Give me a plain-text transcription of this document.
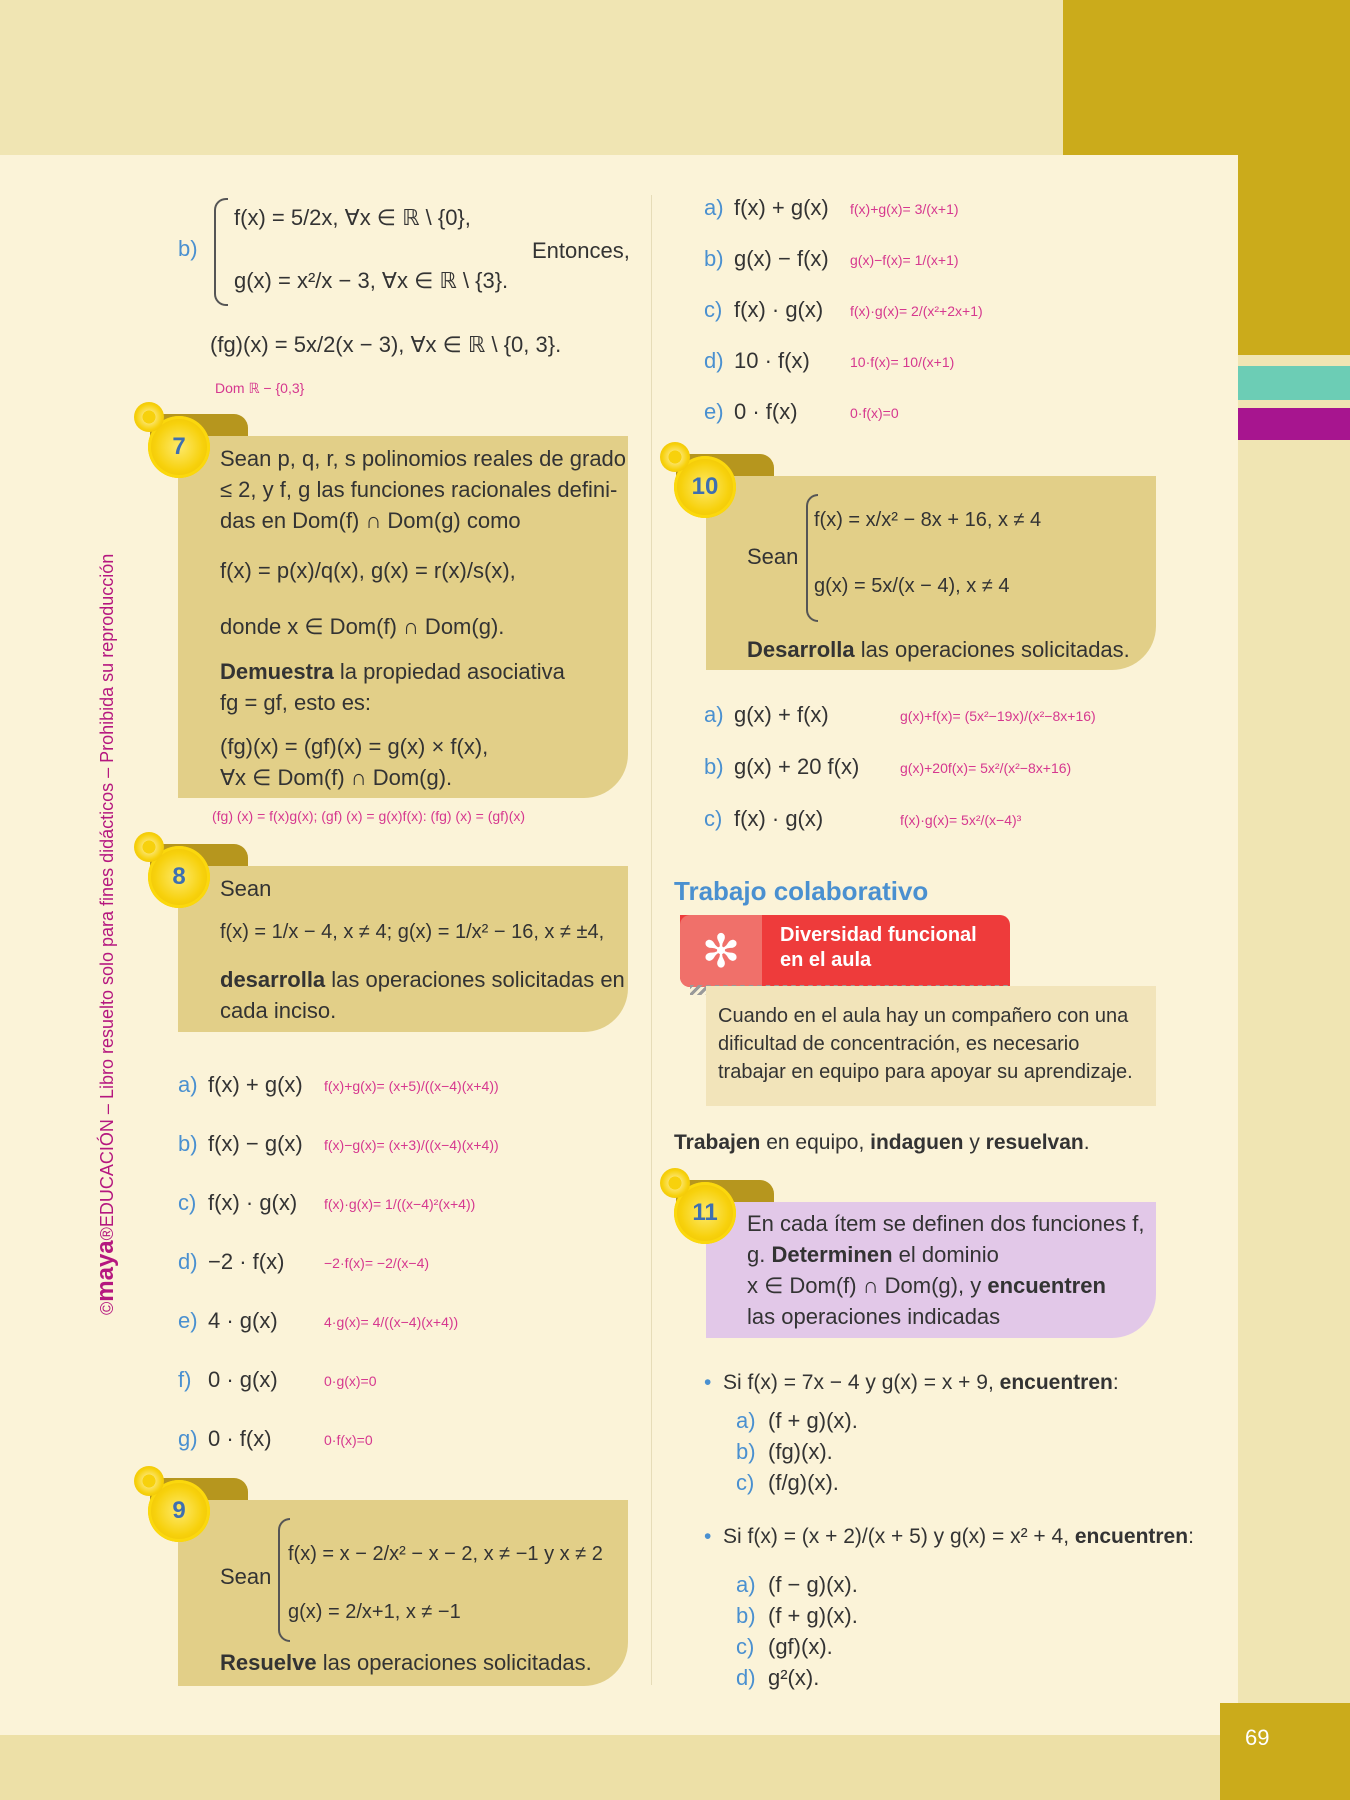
69
©maya®EDUCACIÓN – Libro resuelto solo para fines didácticos – Prohibida su reproducción
b)
f(x) = 5/2x, ∀x ∈ ℝ \ {0},
g(x) = x²/x − 3, ∀x ∈ ℝ \ {3}.
Entonces,
(fg)(x) = 5x/2(x − 3), ∀x ∈ ℝ \ {0, 3}.
Dom ℝ − {0,3}
7	Sean p, q, r, s polinomios reales de grado
≤ 2, y f, g las funciones racionales defini-
das en Dom(f) ∩ Dom(g) como
f(x) = p(x)/q(x), g(x) = r(x)/s(x),
donde x ∈ Dom(f) ∩ Dom(g).
Demuestra la propiedad asociativa
fg = gf, esto es:
(fg)(x) = (gf)(x) = g(x) × f(x),
∀x ∈ Dom(f) ∩ Dom(g).
(fg) (x) = f(x)g(x); (gf) (x) = g(x)f(x): (fg) (x) = (gf)(x)
8	Sean
f(x) = 1/x − 4, x ≠ 4; g(x) = 1/x² − 16, x ≠ ±4,
desarrolla las operaciones solicitadas en
cada inciso.
a) f(x) + g(x) f(x)+g(x)= (x+5)/((x−4)(x+4))
b) f(x) − g(x) f(x)−g(x)= (x+3)/((x−4)(x+4))
c) f(x) · g(x) f(x)·g(x)= 1/((x−4)²(x+4))
d) −2 · f(x)	−2·f(x)= −2/(x−4)
e) 4 · g(x)	4·g(x)= 4/((x−4)(x+4))
f) 0 · g(x)	0·g(x)=0
g) 0 · f(x)	0·f(x)=0
9
Sean
f(x) = x − 2/x² − x − 2, x ≠ −1 y x ≠ 2
g(x) = 2/x+1, x ≠ −1
Resuelve las operaciones solicitadas.
a) f(x) + g(x) f(x)+g(x)= 3/(x+1)
b) g(x) − f(x) g(x)−f(x)= 1/(x+1)
c) f(x) · g(x) f(x)·g(x)= 2/(x²+2x+1)
d) 10 · f(x)	10·f(x)= 10/(x+1)
e) 0 · f(x)	0·f(x)=0
10
Sean
f(x) = x/x² − 8x + 16, x ≠ 4
g(x) = 5x/(x − 4), x ≠ 4
Desarrolla las operaciones solicitadas.
a) g(x) + f(x)	g(x)+f(x)= (5x²−19x)/(x²−8x+16)
b) g(x) + 20 f(x)	g(x)+20f(x)= 5x²/(x²−8x+16)
c) f(x) · g(x)	f(x)·g(x)= 5x²/(x−4)³
Trabajo colaborativo
✻	Diversidad funcional
en el aula
Cuando en el aula hay un compañero con una dificultad de concentración, es necesario trabajar en equipo para apoyar su aprendizaje.
Trabajen en equipo, indaguen y resuelvan.
11	En cada ítem se definen dos funciones f,
g. Determinen el dominio
x ∈ Dom(f) ∩ Dom(g), y encuentren
las operaciones indicadas
• Si f(x) = 7x − 4 y g(x) = x + 9, encuentren:
a) (f + g)(x).
b) (fg)(x).
c) (f/g)(x).
• Si f(x) = (x + 2)/(x + 5) y g(x) = x² + 4, encuentren:
a) (f − g)(x).
b) (f + g)(x).
c) (gf)(x).
d) g²(x).
